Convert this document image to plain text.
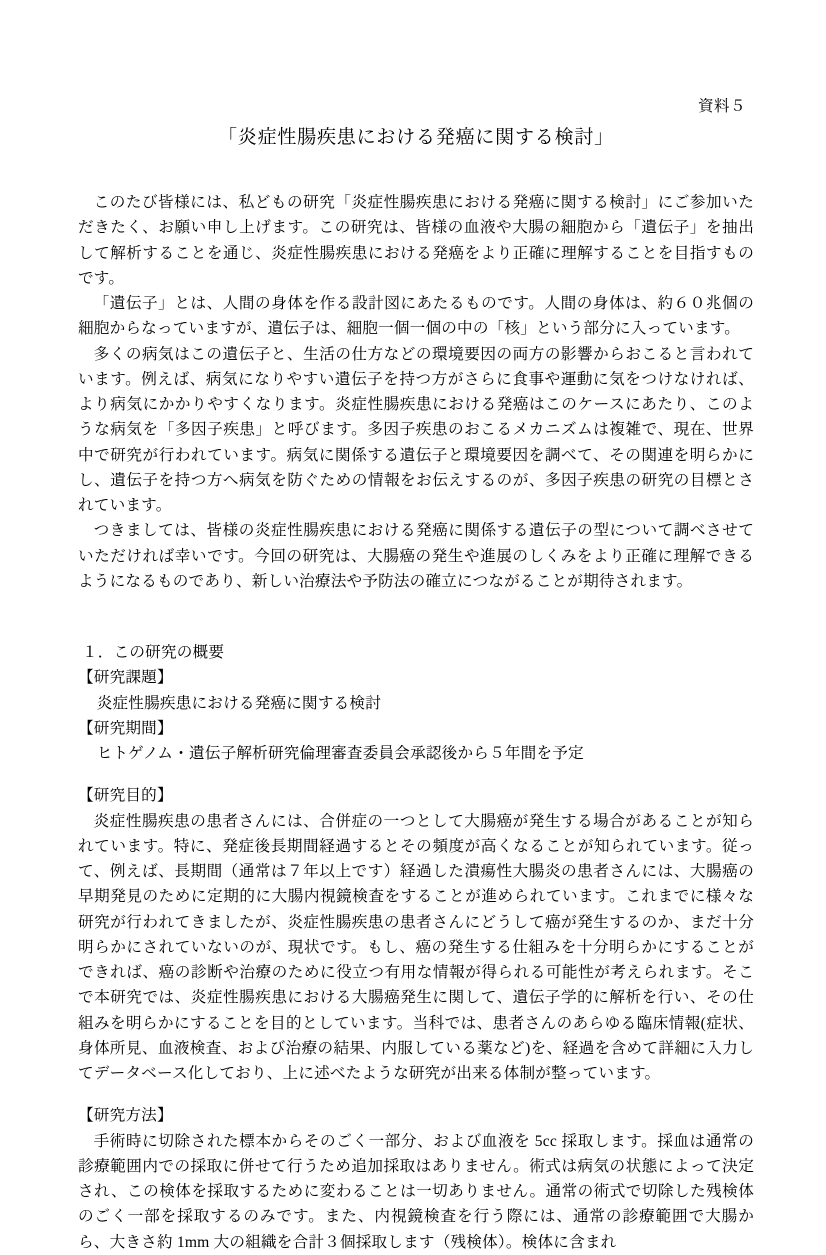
資料５
「炎症性腸疾患における発癌に関する検討」

このたび皆様には、私どもの研究「炎症性腸疾患における発癌に関する検討」にご参加いただきたく、お願い申し上げます。この研究は、皆様の血液や大腸の細胞から「遺伝子」を抽出して解析することを通じ、炎症性腸疾患における発癌をより正確に理解することを目指すものです。

「遺伝子」とは、人間の身体を作る設計図にあたるものです。人間の身体は、約６０兆個の細胞からなっていますが、遺伝子は、細胞一個一個の中の「核」という部分に入っています。

多くの病気はこの遺伝子と、生活の仕方などの環境要因の両方の影響からおこると言われています。例えば、病気になりやすい遺伝子を持つ方がさらに食事や運動に気をつけなければ、より病気にかかりやすくなります。炎症性腸疾患における発癌はこのケースにあたり、このような病気を「多因子疾患」と呼びます。多因子疾患のおこるメカニズムは複雑で、現在、世界中で研究が行われています。病気に関係する遺伝子と環境要因を調べて、その関連を明らかにし、遺伝子を持つ方へ病気を防ぐための情報をお伝えするのが、多因子疾患の研究の目標とされています。

つきましては、皆様の炎症性腸疾患における発癌に関係する遺伝子の型について調べさせていただければ幸いです。今回の研究は、大腸癌の発生や進展のしくみをより正確に理解できるようになるものであり、新しい治療法や予防法の確立につながることが期待されます。

１．この研究の概要

【研究課題】

炎症性腸疾患における発癌に関する検討

【研究期間】

ヒトゲノム・遺伝子解析研究倫理審査委員会承認後から５年間を予定

【研究目的】

炎症性腸疾患の患者さんには、合併症の一つとして大腸癌が発生する場合があることが知られています。特に、発症後長期間経過するとその頻度が高くなることが知られています。従って、例えば、長期間（通常は７年以上です）経過した潰瘍性大腸炎の患者さんには、大腸癌の早期発見のために定期的に大腸内視鏡検査をすることが進められています。これまでに様々な研究が行われてきましたが、炎症性腸疾患の患者さんにどうして癌が発生するのか、まだ十分明らかにされていないのが、現状です。もし、癌の発生する仕組みを十分明らかにすることができれば、癌の診断や治療のために役立つ有用な情報が得られる可能性が考えられます。そこで本研究では、炎症性腸疾患における大腸癌発生に関して、遺伝子学的に解析を行い、その仕組みを明らかにすることを目的としています。当科では、患者さんのあらゆる臨床情報(症状、身体所見、血液検査、および治療の結果、内服している薬など)を、経過を含めて詳細に入力してデータベース化しており、上に述べたような研究が出来る体制が整っています。

【研究方法】

手術時に切除された標本からそのごく一部分、および血液を 5cc 採取します。採血は通常の診療範囲内での採取に併せて行うため追加採取はありません。術式は病気の状態によって決定され、この検体を採取するために変わることは一切ありません。通常の術式で切除した残検体のごく一部を採取するのみです。また、内視鏡検査を行う際には、通常の診療範囲で大腸から、大きさ約 1mm 大の組織を合計３個採取します（残検体）。検体に含まれ
